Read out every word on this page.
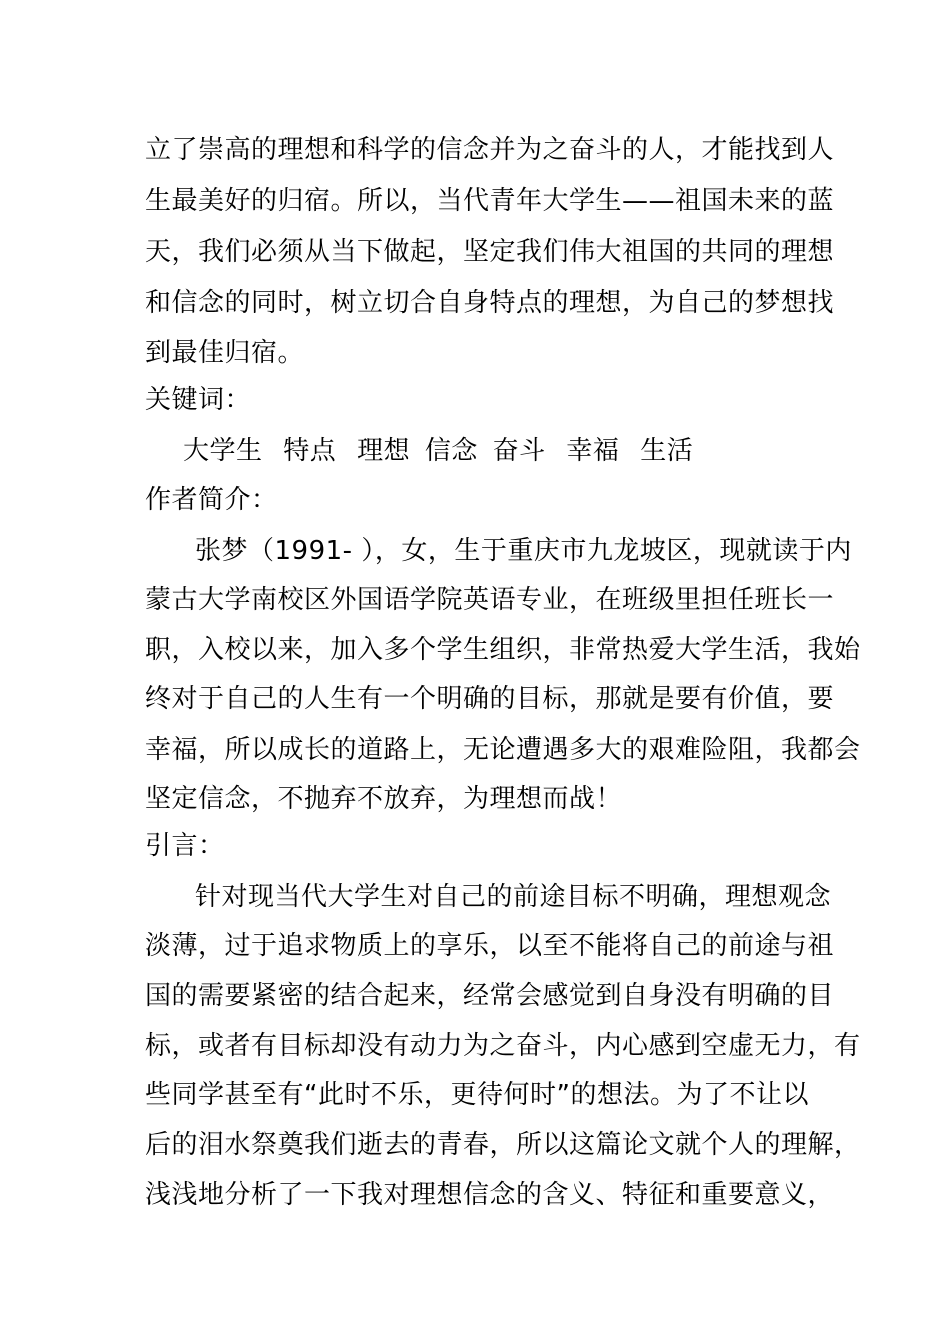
立了崇高的理想和科学的信念并为之奋斗的人，才能找到人
生最美好的归宿。所以，当代青年大学生——祖国未来的蓝
天，我们必须从当下做起，坚定我们伟大祖国的共同的理想
和信念的同时，树立切合自身特点的理想，为自己的梦想找
到最佳归宿。
关键词：
大学生 特点 理想 信念 奋斗 幸福 生活
作者简介：
张梦（1991- ），女，生于重庆市九龙坡区，现就读于内
蒙古大学南校区外国语学院英语专业，在班级里担任班长一
职，入校以来，加入多个学生组织，非常热爱大学生活，我始
终对于自己的人生有一个明确的目标，那就是要有价值，要
幸福，所以成长的道路上，无论遭遇多大的艰难险阻，我都会
坚定信念，不抛弃不放弃，为理想而战！
引言：
针对现当代大学生对自己的前途目标不明确，理想观念
淡薄，过于追求物质上的享乐，以至不能将自己的前途与祖
国的需要紧密的结合起来，经常会感觉到自身没有明确的目
标，或者有目标却没有动力为之奋斗，内心感到空虚无力，有
些同学甚至有“此时不乐，更待何时”的想法。为了不让以
后的泪水祭奠我们逝去的青春，所以这篇论文就个人的理解，
浅浅地分析了一下我对理想信念的含义、特征和重要意义，
